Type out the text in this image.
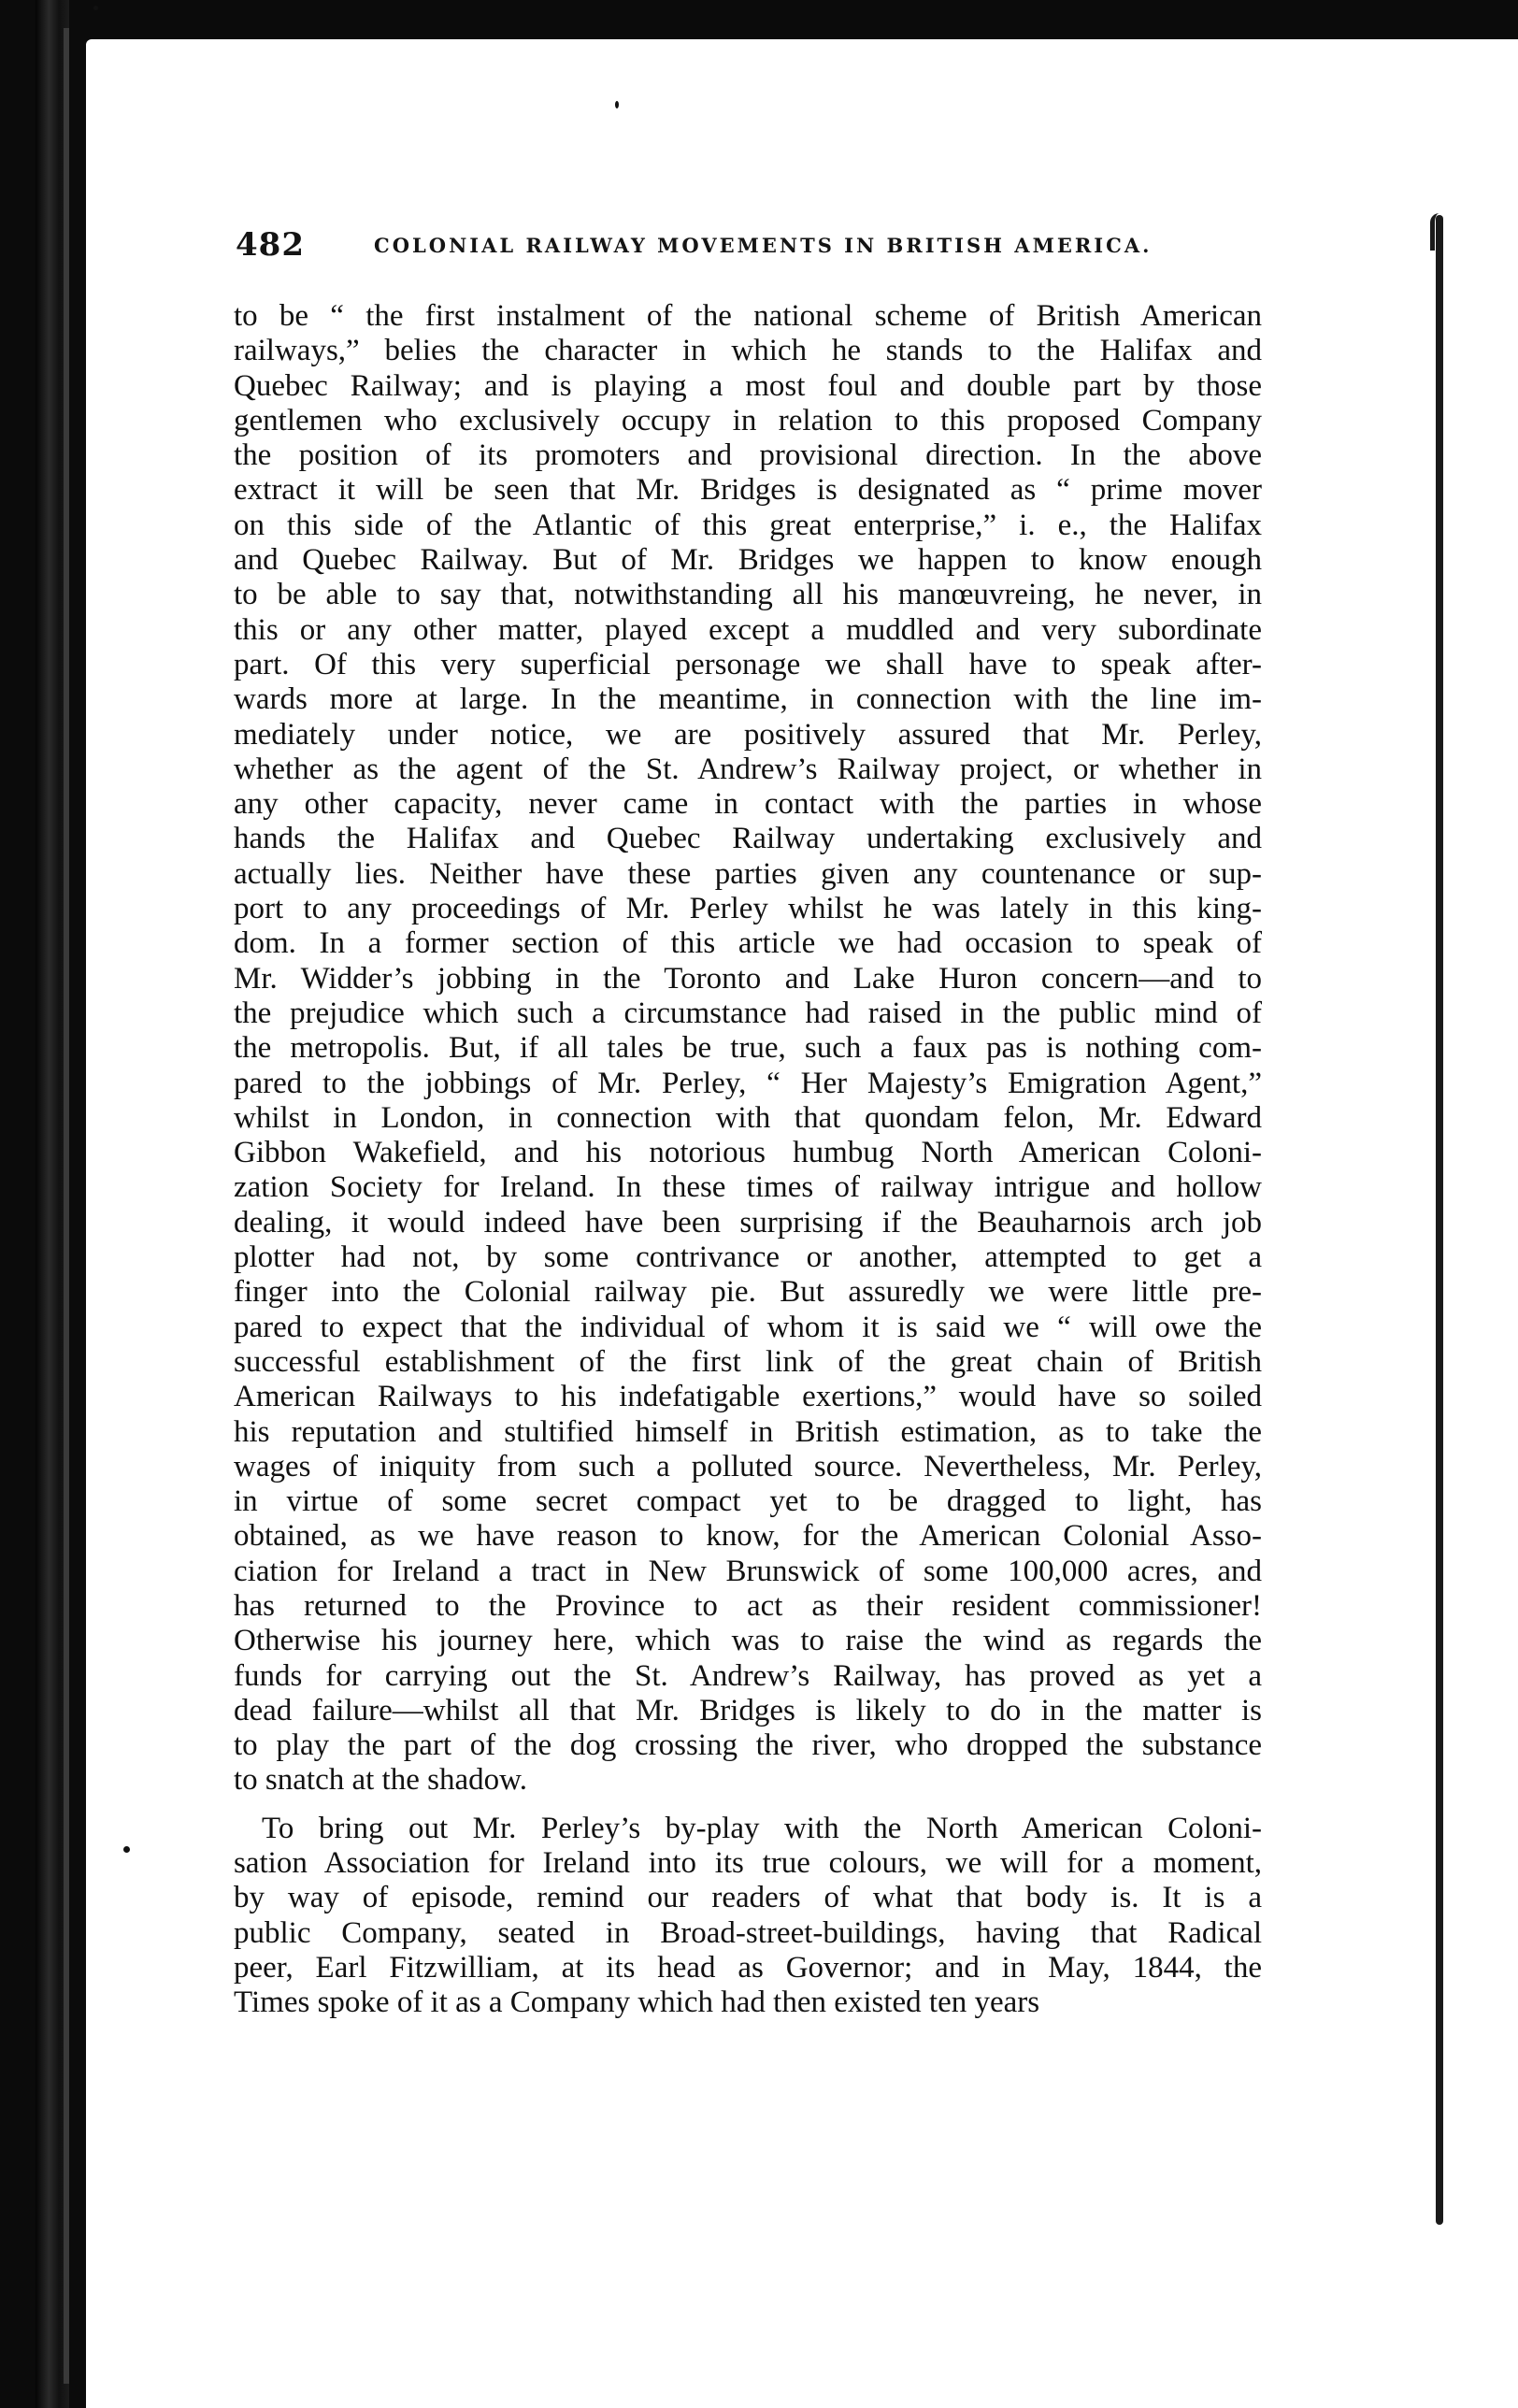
482	COLONIAL RAILWAY MOVEMENTS IN BRITISH AMERICA.
to be “ the first instalment of the national scheme of British American
railways,” belies the character in which he stands to the Halifax and
Quebec Railway; and is playing a most foul and double part by those
gentlemen who exclusively occupy in relation to this proposed Company
the position of its promoters and provisional direction. In the above
extract it will be seen that Mr. Bridges is designated as “ prime mover
on this side of the Atlantic of this great enterprise,” i. e., the Halifax
and Quebec Railway. But of Mr. Bridges we happen to know enough
to be able to say that, notwithstanding all his manœuvreing, he never, in
this or any other matter, played except a muddled and very subordinate
part. Of this very superficial personage we shall have to speak after-
wards more at large. In the meantime, in connection with the line im-
mediately under notice, we are positively assured that Mr. Perley,
whether as the agent of the St. Andrew’s Railway project, or whether in
any other capacity, never came in contact with the parties in whose
hands the Halifax and Quebec Railway undertaking exclusively and
actually lies. Neither have these parties given any countenance or sup-
port to any proceedings of Mr. Perley whilst he was lately in this king-
dom. In a former section of this article we had occasion to speak of
Mr. Widder’s jobbing in the Toronto and Lake Huron concern—and to
the prejudice which such a circumstance had raised in the public mind of
the metropolis. But, if all tales be true, such a faux pas is nothing com-
pared to the jobbings of Mr. Perley, “ Her Majesty’s Emigration Agent,”
whilst in London, in connection with that quondam felon, Mr. Edward
Gibbon Wakefield, and his notorious humbug North American Coloni-
zation Society for Ireland. In these times of railway intrigue and hollow
dealing, it would indeed have been surprising if the Beauharnois arch job
plotter had not, by some contrivance or another, attempted to get a
finger into the Colonial railway pie. But assuredly we were little pre-
pared to expect that the individual of whom it is said we “ will owe the
successful establishment of the first link of the great chain of British
American Railways to his indefatigable exertions,” would have so soiled
his reputation and stultified himself in British estimation, as to take the
wages of iniquity from such a polluted source. Nevertheless, Mr. Perley,
in virtue of some secret compact yet to be dragged to light, has
obtained, as we have reason to know, for the American Colonial Asso-
ciation for Ireland a tract in New Brunswick of some 100,000 acres, and
has returned to the Province to act as their resident commissioner!
Otherwise his journey here, which was to raise the wind as regards the
funds for carrying out the St. Andrew’s Railway, has proved as yet a
dead failure—whilst all that Mr. Bridges is likely to do in the matter is
to play the part of the dog crossing the river, who dropped the substance
to snatch at the shadow.
To bring out Mr. Perley’s by-play with the North American Coloni-
sation Association for Ireland into its true colours, we will for a moment,
by way of episode, remind our readers of what that body is. It is a
public Company, seated in Broad-street-buildings, having that Radical
peer, Earl Fitzwilliam, at its head as Governor; and in May, 1844, the
Times spoke of it as a Company which had then existed ten years
